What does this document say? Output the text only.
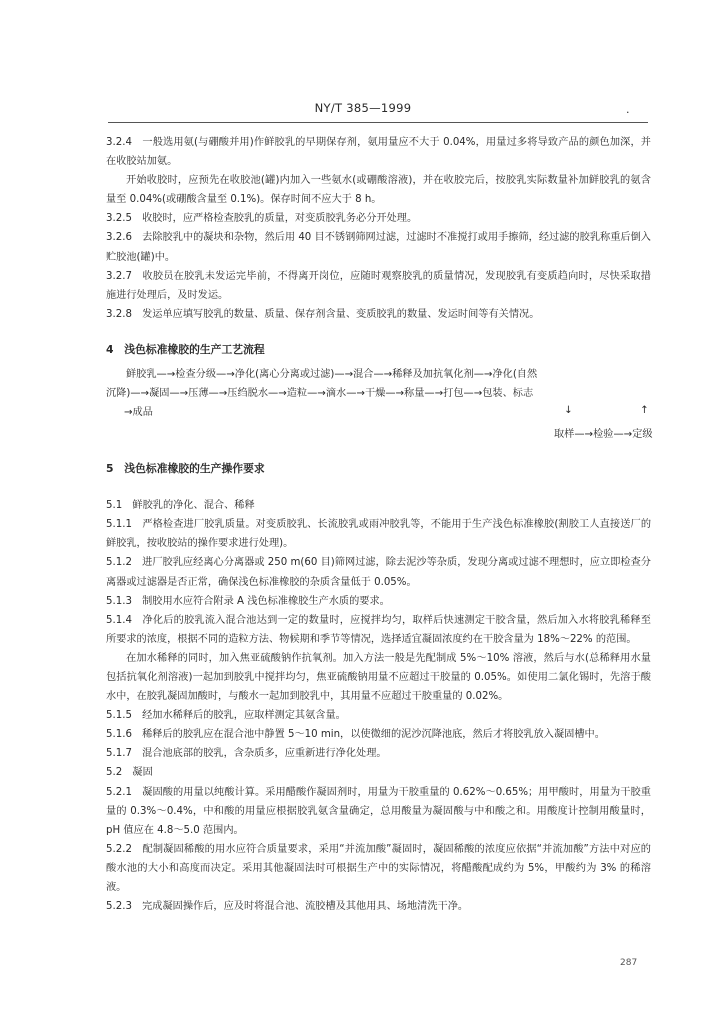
NY/T 385—1999	.

3.2.4　一般选用氨(与硼酸并用)作鲜胶乳的早期保存剂，氨用量应不大于 0.04%，用量过多将导致产品的颜色加深，并在收胶站加氨。

开始收胶时，应预先在收胶池(罐)内加入一些氨水(或硼酸溶液)，并在收胶完后，按胶乳实际数量补加鲜胶乳的氨含量至 0.04%(或硼酸含量至 0.1%)。保存时间不应大于 8 h。

3.2.5　收胶时，应严格检查胶乳的质量，对变质胶乳务必分开处理。

3.2.6　去除胶乳中的凝块和杂物，然后用 40 目不锈钢筛网过滤，过滤时不准搅打或用手擦筛，经过滤的胶乳称重后倒入贮胶池(罐)中。

3.2.7　收胶员在胶乳未发运完毕前，不得离开岗位，应随时观察胶乳的质量情况，发现胶乳有变质趋向时，尽快采取措施进行处理后，及时发运。

3.2.8　发运单应填写胶乳的数量、质量、保存剂含量、变质胶乳的数量、发运时间等有关情况。

4　浅色标准橡胶的生产工艺流程

鲜胶乳—→检查分级—→净化(离心分离或过滤)—→混合—→稀释及加抗氧化剂—→净化(自然
沉降)—→凝固—→压薄—→压绉脱水—→造粒—→滴水—→干燥—→称量—→打包—→包装、标志
→成品	↓	↑
取样—→检验—→定级

5　浅色标准橡胶的生产操作要求

5.1　鲜胶乳的净化、混合、稀释

5.1.1　严格检查进厂胶乳质量。对变质胶乳、长流胶乳或雨冲胶乳等，不能用于生产浅色标准橡胶(割胶工人直接送厂的鲜胶乳，按收胶站的操作要求进行处理)。

5.1.2　进厂胶乳应经离心分离器或 250 m(60 目)筛网过滤，除去泥沙等杂质，发现分离或过滤不理想时，应立即检查分离器或过滤器是否正常，确保浅色标准橡胶的杂质含量低于 0.05%。

5.1.3　制胶用水应符合附录 A 浅色标准橡胶生产水质的要求。

5.1.4　净化后的胶乳流入混合池达到一定的数量时，应搅拌均匀，取样后快速测定干胶含量，然后加入水将胶乳稀释至所要求的浓度，根据不同的造粒方法、物候期和季节等情况，选择适宜凝固浓度约在干胶含量为 18%～22% 的范围。

在加水稀释的同时，加入焦亚硫酸钠作抗氧剂。加入方法一般是先配制成 5%～10% 溶液，然后与水(总稀释用水量包括抗氧化剂溶液)一起加到胶乳中搅拌均匀，焦亚硫酸钠用量不应超过干胶量的 0.05%。如使用二氯化锡时，先溶于酸水中，在胶乳凝固加酸时，与酸水一起加到胶乳中，其用量不应超过干胶重量的 0.02%。

5.1.5　经加水稀释后的胶乳，应取样测定其氨含量。

5.1.6　稀释后的胶乳应在混合池中静置 5～10 min，以使微细的泥沙沉降池底，然后才将胶乳放入凝固槽中。

5.1.7　混合池底部的胶乳，含杂质多，应重新进行净化处理。

5.2　凝固

5.2.1　凝固酸的用量以纯酸计算。采用醋酸作凝固剂时，用量为干胶重量的 0.62%～0.65%；用甲酸时，用量为干胶重量的 0.3%～0.4%，中和酸的用量应根据胶乳氨含量确定，总用酸量为凝固酸与中和酸之和。用酸度计控制用酸量时，pH 值应在 4.8～5.0 范围内。

5.2.2　配制凝固稀酸的用水应符合质量要求，采用“并流加酸”凝固时，凝固稀酸的浓度应依据“并流加酸”方法中对应的酸水池的大小和高度而决定。采用其他凝固法时可根据生产中的实际情况，将醋酸配成约为 5%，甲酸约为 3% 的稀溶液。

5.2.3　完成凝固操作后，应及时将混合池、流胶槽及其他用具、场地清洗干净。

287
